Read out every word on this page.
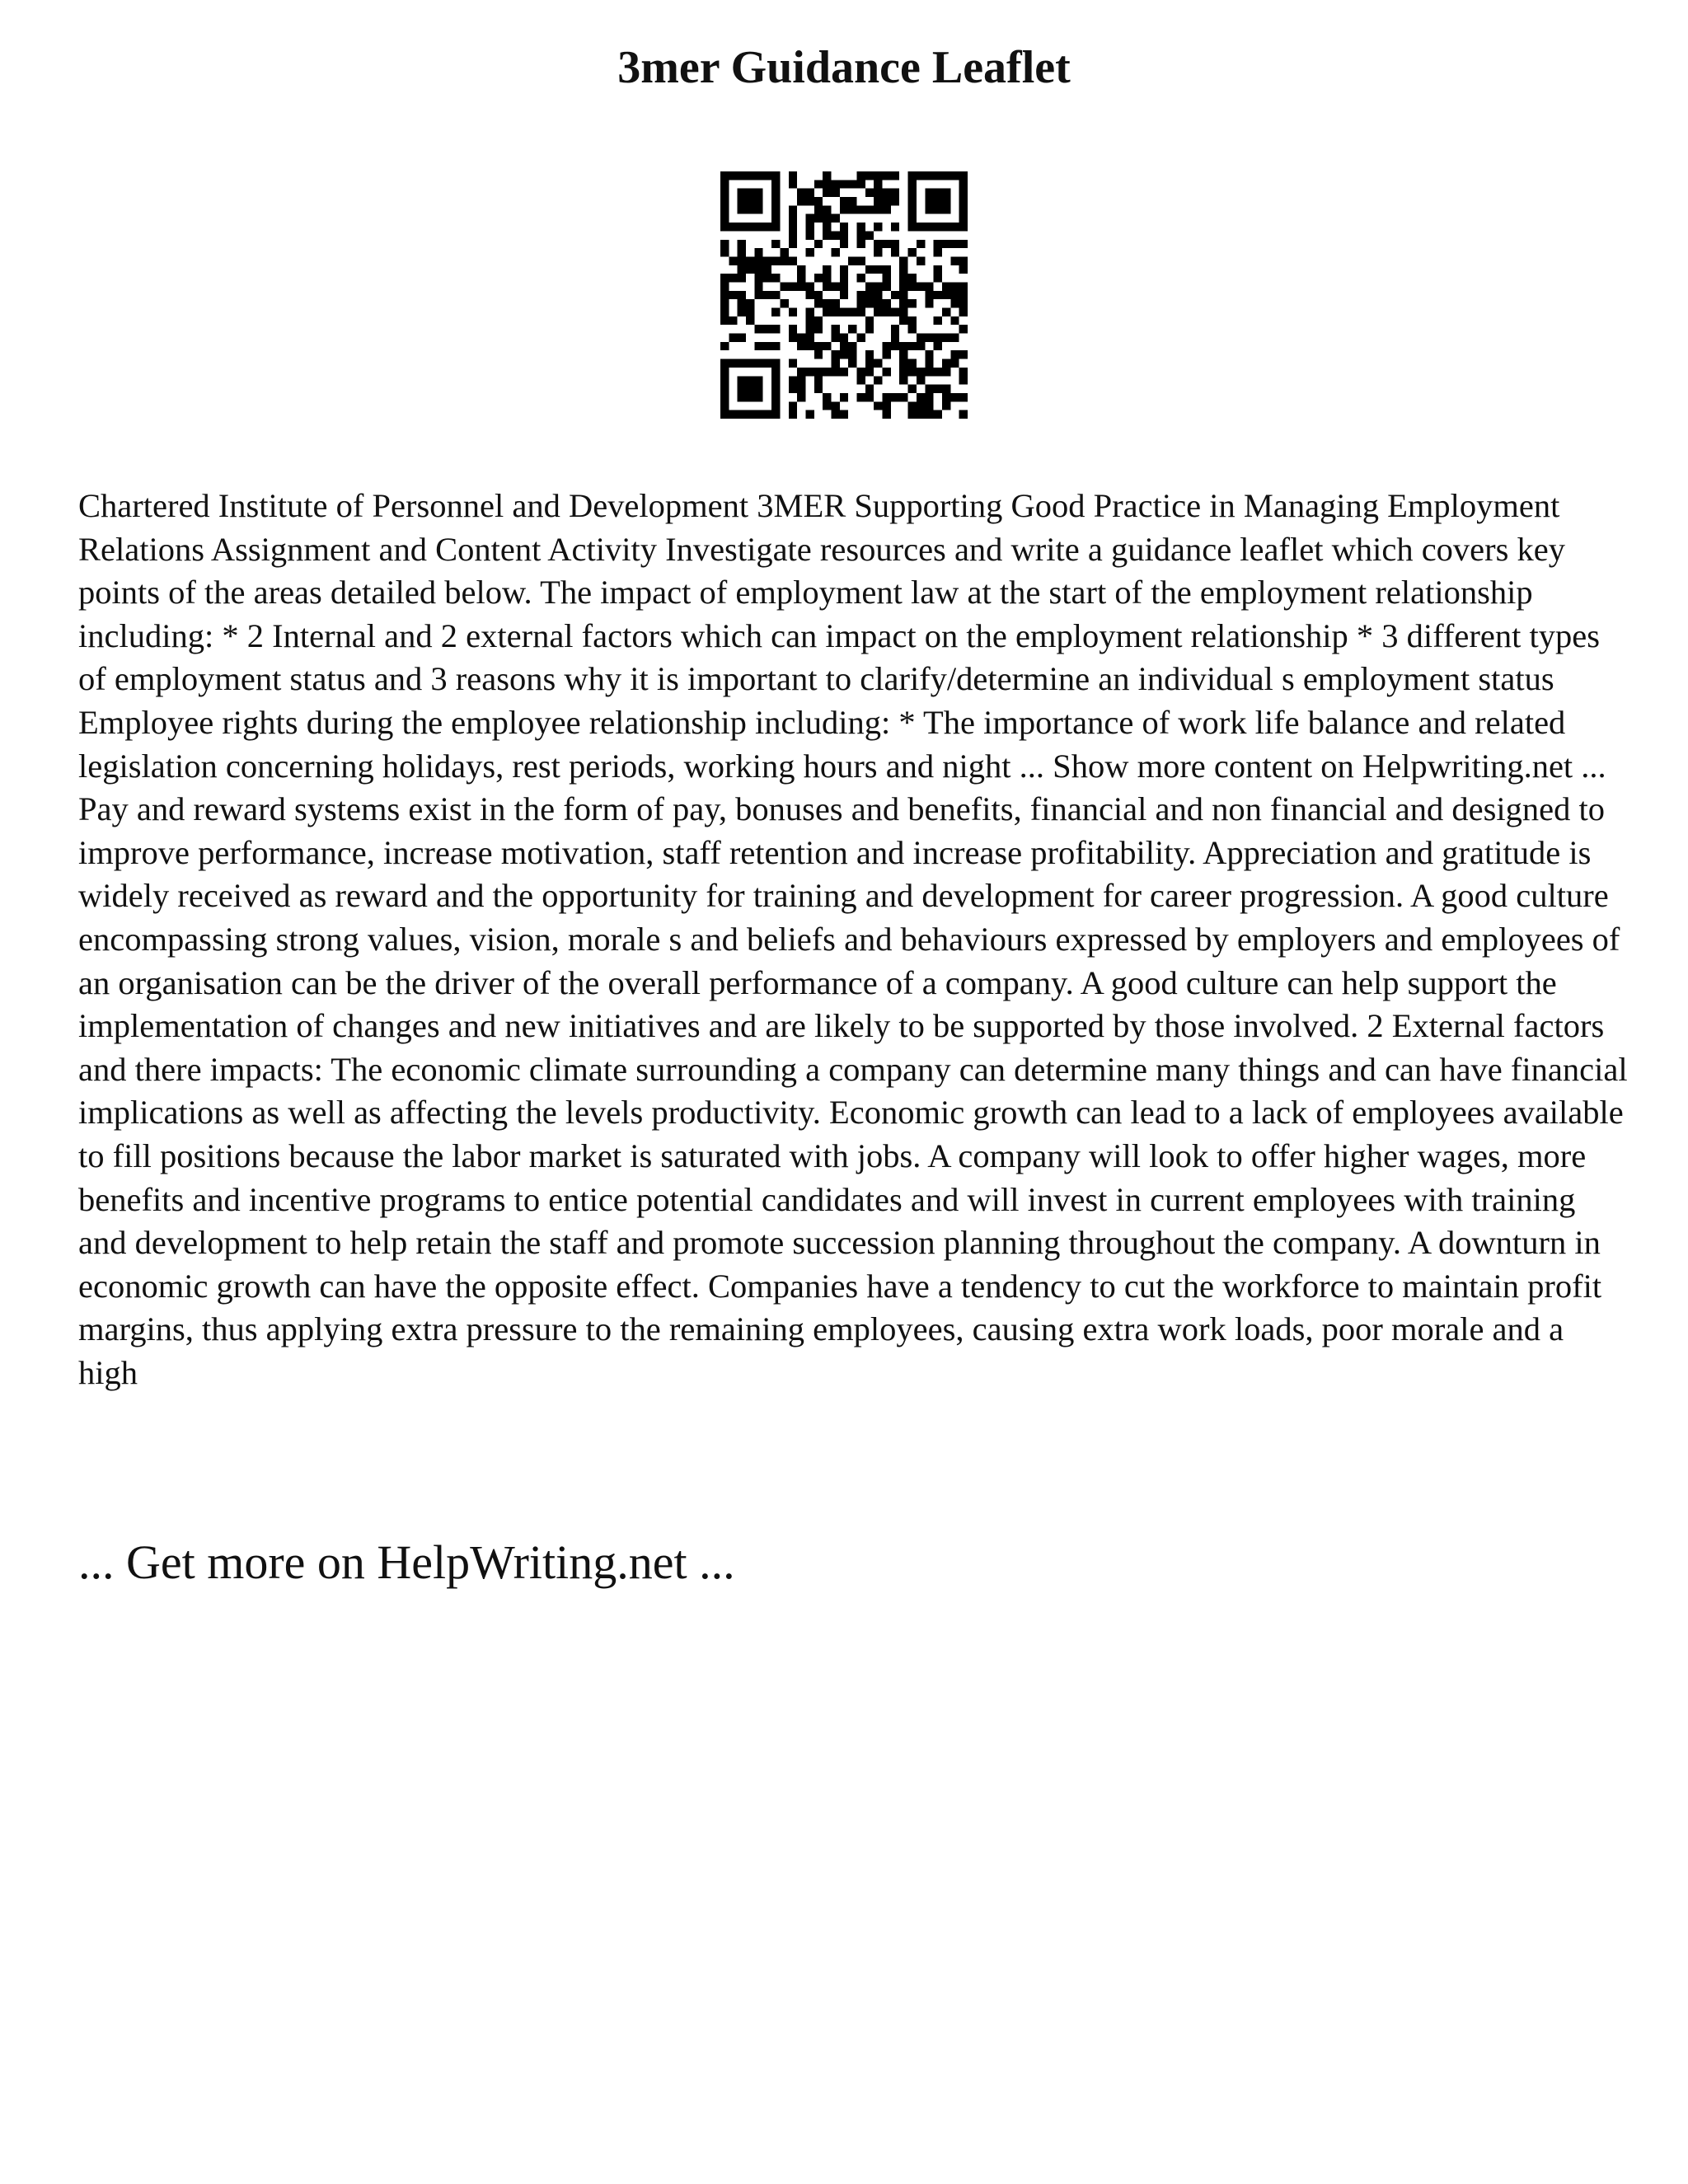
3mer Guidance Leaflet

Chartered Institute of Personnel and Development 3MER Supporting Good Practice in Managing Employment Relations Assignment and Content Activity Investigate resources and write a guidance leaflet which covers key points of the areas detailed below. The impact of employment law at the start of the employment relationship including: * 2 Internal and 2 external factors which can impact on the employment relationship * 3 different types of employment status and 3 reasons why it is important to clarify/determine an individual s employment status Employee rights during the employee relationship including: * The importance of work life balance and related legislation concerning holidays, rest periods, working hours and night ... Show more content on Helpwriting.net ...

Pay and reward systems exist in the form of pay, bonuses and benefits, financial and non financial and designed to improve performance, increase motivation, staff retention and increase profitability. Appreciation and gratitude is widely received as reward and the opportunity for training and development for career progression. A good culture encompassing strong values, vision, morale s and beliefs and behaviours expressed by employers and employees of an organisation can be the driver of the overall performance of a company. A good culture can help support the implementation of changes and new initiatives and are likely to be supported by those involved. 2 External factors and there impacts: The economic climate surrounding a company can determine many things and can have financial implications as well as affecting the levels productivity. Economic growth can lead to a lack of employees available to fill positions because the labor market is saturated with jobs. A company will look to offer higher wages, more benefits and incentive programs to entice potential candidates and will invest in current employees with training and development to help retain the staff and promote succession planning throughout the company. A downturn in economic growth can have the opposite effect. Companies have a tendency to cut the workforce to maintain profit margins, thus applying extra pressure to the remaining employees, causing extra work loads, poor morale and a high

... Get more on HelpWriting.net ...
